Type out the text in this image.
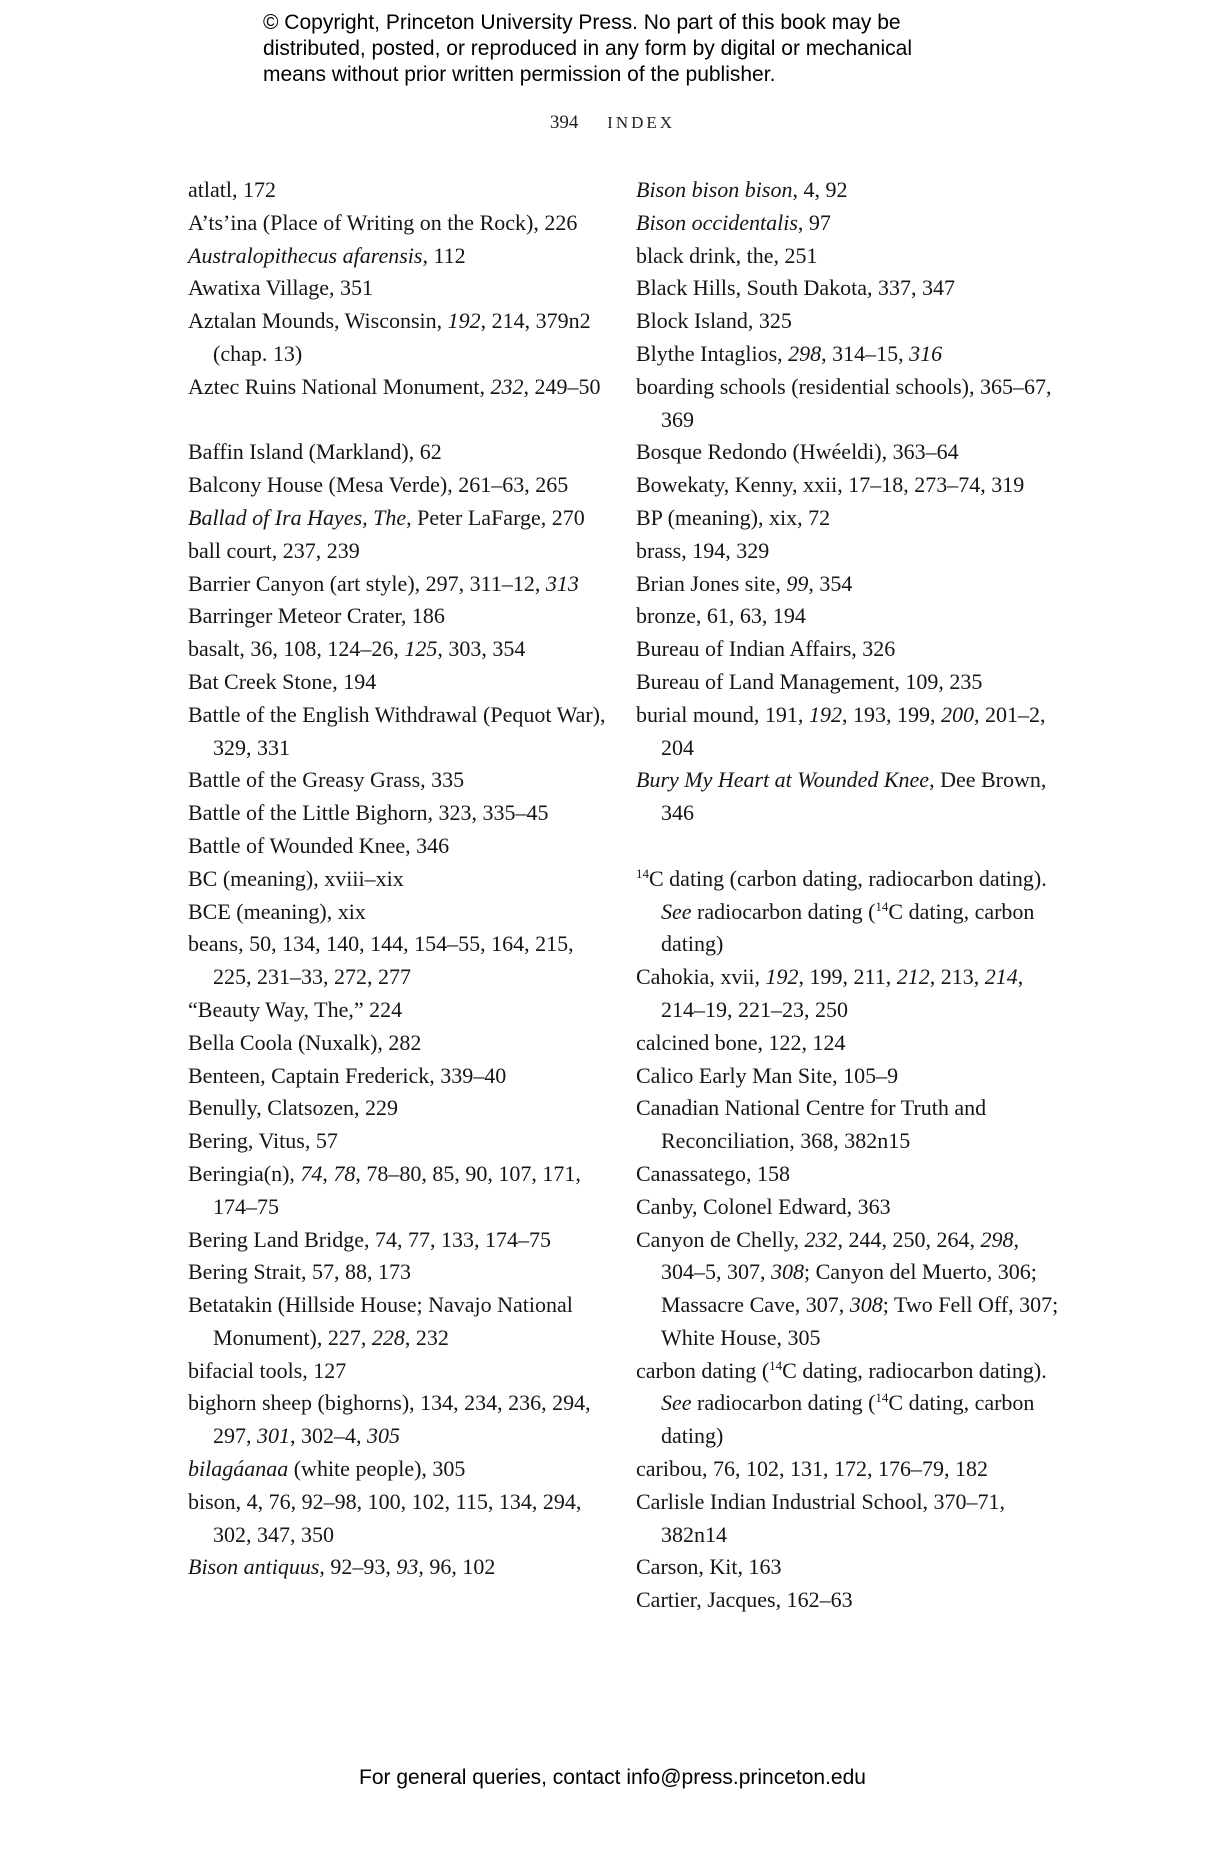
© Copyright, Princeton University Press. No part of this book may be
distributed, posted, or reproduced in any form by digital or mechanical
means without prior written permission of the publisher.
394 INDEX
atlatl, 172
A’ts’ina (Place of Writing on the Rock), 226
Australopithecus afarensis, 112
Awatixa Village, 351
Aztalan Mounds, Wisconsin, 192, 214, 379n2 (chap. 13)
Aztec Ruins National Monument, 232, 249–50
Baffin Island (Markland), 62
Balcony House (Mesa Verde), 261–63, 265
Ballad of Ira Hayes, The, Peter LaFarge, 270
ball court, 237, 239
Barrier Canyon (art style), 297, 311–12, 313
Barringer Meteor Crater, 186
basalt, 36, 108, 124–26, 125, 303, 354
Bat Creek Stone, 194
Battle of the English Withdrawal (Pequot War), 329, 331
Battle of the Greasy Grass, 335
Battle of the Little Bighorn, 323, 335–45
Battle of Wounded Knee, 346
BC (meaning), xviii–xix
BCE (meaning), xix
beans, 50, 134, 140, 144, 154–55, 164, 215, 225, 231–33, 272, 277
“Beauty Way, The,” 224
Bella Coola (Nuxalk), 282
Benteen, Captain Frederick, 339–40
Benully, Clatsozen, 229
Bering, Vitus, 57
Beringia(n), 74, 78, 78–80, 85, 90, 107, 171, 174–75
Bering Land Bridge, 74, 77, 133, 174–75
Bering Strait, 57, 88, 173
Betatakin (Hillside House; Navajo National Monument), 227, 228, 232
bifacial tools, 127
bighorn sheep (bighorns), 134, 234, 236, 294, 297, 301, 302–4, 305
bilagáanaa (white people), 305
bison, 4, 76, 92–98, 100, 102, 115, 134, 294, 302, 347, 350
Bison antiquus, 92–93, 93, 96, 102
Bison bison bison, 4, 92
Bison occidentalis, 97
black drink, the, 251
Black Hills, South Dakota, 337, 347
Block Island, 325
Blythe Intaglios, 298, 314–15, 316
boarding schools (residential schools), 365–67, 369
Bosque Redondo (Hwéeldi), 363–64
Bowekaty, Kenny, xxii, 17–18, 273–74, 319
BP (meaning), xix, 72
brass, 194, 329
Brian Jones site, 99, 354
bronze, 61, 63, 194
Bureau of Indian Affairs, 326
Bureau of Land Management, 109, 235
burial mound, 191, 192, 193, 199, 200, 201–2, 204
Bury My Heart at Wounded Knee, Dee Brown, 346
$^{14}$C dating (carbon dating, radiocarbon dating). See radiocarbon dating ($^{14}$C dating, carbon dating)
Cahokia, xvii, 192, 199, 211, 212, 213, 214, 214–19, 221–23, 250
calcined bone, 122, 124
Calico Early Man Site, 105–9
Canadian National Centre for Truth and Reconciliation, 368, 382n15
Canassatego, 158
Canby, Colonel Edward, 363
Canyon de Chelly, 232, 244, 250, 264, 298, 304–5, 307, 308; Canyon del Muerto, 306; Massacre Cave, 307, 308; Two Fell Off, 307; White House, 305
carbon dating ($^{14}$C dating, radiocarbon dating). See radiocarbon dating ($^{14}$C dating, carbon dating)
caribou, 76, 102, 131, 172, 176–79, 182
Carlisle Indian Industrial School, 370–71, 382n14
Carson, Kit, 163
Cartier, Jacques, 162–63
For general queries, contact info@press.princeton.edu
